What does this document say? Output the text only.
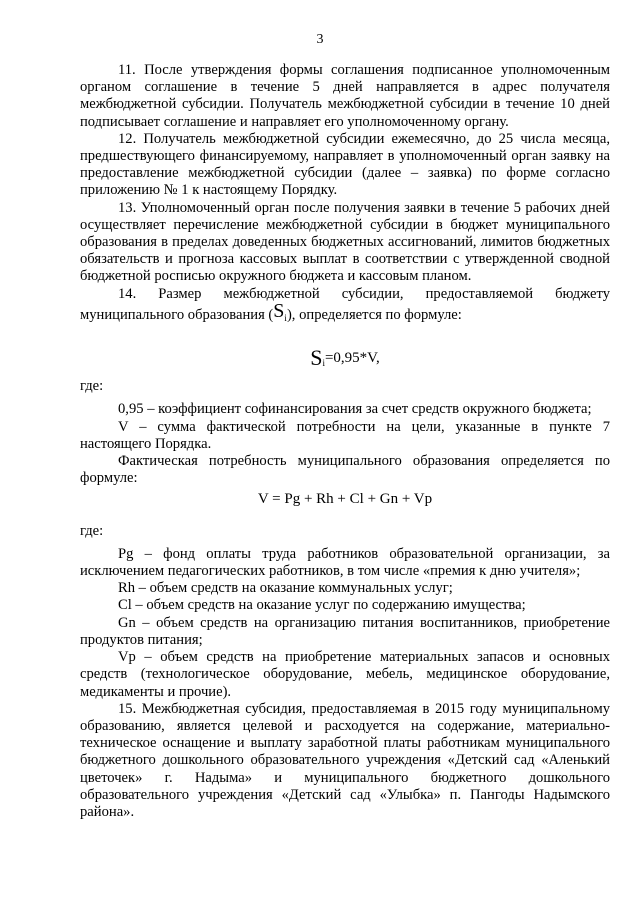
3

11. После утверждения формы соглашения подписанное уполномоченным органом соглашение в течение 5 дней направляется в адрес получателя межбюджетной субсидии. Получатель межбюджетной субсидии в течение 10 дней подписывает соглашение и направляет его уполномоченному органу.

12. Получатель межбюджетной субсидии ежемесячно, до 25 числа месяца, предшествующего финансируемому, направляет в уполномоченный орган заявку на предоставление межбюджетной субсидии (далее – заявка) по форме согласно приложению № 1 к настоящему Порядку.

13. Уполномоченный орган после получения заявки в течение 5 рабочих дней осуществляет перечисление межбюджетной субсидии в бюджет муниципального образования в пределах доведенных бюджетных ассигнований, лимитов бюджетных обязательств и прогноза кассовых выплат в соответствии с утвержденной сводной бюджетной росписью окружного бюджета и кассовым планом.

14. Размер межбюджетной субсидии, предоставляемой бюджету муниципального образования $(S_i)$, определяется по формуле:

$S_i=0,95*V$,

где:

0,95 – коэффициент софинансирования за счет средств окружного бюджета;

V – сумма фактической потребности на цели, указанные в пункте 7 настоящего Порядка.

Фактическая потребность муниципального образования определяется по формуле:

V = Pg + Rh + Cl + Gn + Vp

где:

Pg – фонд оплаты труда работников образовательной организации, за исключением педагогических работников, в том числе «премия к дню учителя»;

Rh – объем средств на оказание коммунальных услуг;

Cl – объем средств на оказание услуг по содержанию имущества;

Gn – объем средств на организацию питания воспитанников, приобретение продуктов питания;

Vp – объем средств на приобретение материальных запасов и основных средств (технологическое оборудование, мебель, медицинское оборудование, медикаменты и прочие).

15. Межбюджетная субсидия, предоставляемая в 2015 году муниципальному образованию, является целевой и расходуется на содержание, материально-техническое оснащение и выплату заработной платы работникам муниципального бюджетного дошкольного образовательного учреждения «Детский сад «Аленький цветочек» г. Надыма» и муниципального бюджетного дошкольного образовательного учреждения «Детский сад «Улыбка» п. Пангоды Надымского района».
